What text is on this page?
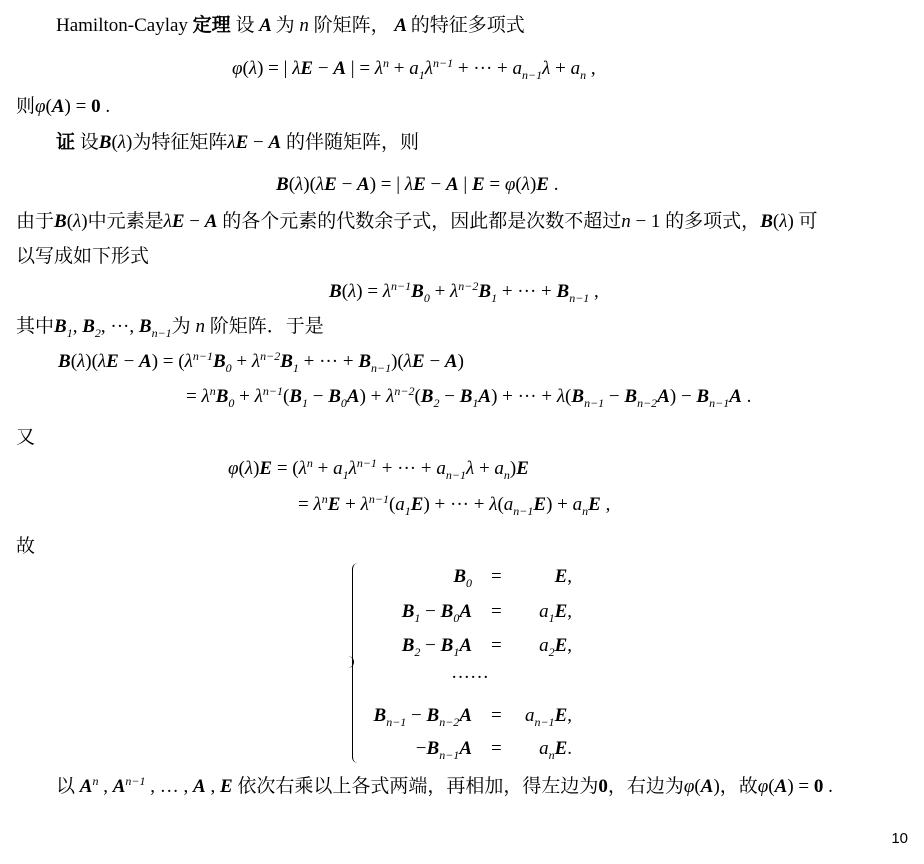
Hamilton-Caylay 定理 设 A 为 n 阶矩阵， A 的特征多项式
φ(λ) = | λE − A | = $\lambda^n + a_1\lambda^{n-1}$ + ··· + $a_{n-1}\lambda + a_n$ ,
则φ(A) = 0 .
证 设B(λ)为特征矩阵λE − A 的伴随矩阵，则
B(λ)(λE − A) = | λE − A | E = φ(λ)E .
由于B(λ)中元素是λE − A 的各个元素的代数余子式，因此都是次数不超过n − 1 的多项式，B(λ) 可
以写成如下形式
$B(\lambda) = \lambda^{n-1}B_0 + \lambda^{n-2}B_1$ + ··· + $B_{n-1}$ ,
其中$B_1$, $B_2$, ···, $B_{n-1}$为 n 阶矩阵．于是
$B(\lambda)(\lambda E - A) = (\lambda^{n-1}B_0 + \lambda^{n-2}B_1$ + ··· + $B_{n-1})(\lambda E - A)$
= $\lambda^nB_0 + \lambda^{n-1}(B_1 - B_0A) + \lambda^{n-2}(B_2 - B_1A)$ + ··· + $\lambda(B_{n-1} - B_{n-2}A) - B_{n-1}A$ .
又
$\varphi(\lambda)E = (\lambda^n + a_1\lambda^{n-1}$ + ··· + $a_{n-1}\lambda + a_n)E$
= $\lambda^nE + \lambda^{n-1}(a_1E)$ + ··· + $\lambda(a_{n-1}E) + a_nE$ ,
故
$B_0$ =	E,
$B_1 - B_0A$ =	$a_1E$,
$B_2 - B_1A$ =	$a_2E$,
······
$B_{n-1} - B_{n-2}A$ =	$a_{n-1}E$,
$-B_{n-1}A$ =	$a_nE$.
以 $A^n$ , $A^{n-1}$ , … , A , E 依次右乘以上各式两端，再相加，得左边为0，右边为φ(A)，故φ(A) = 0 .
10
